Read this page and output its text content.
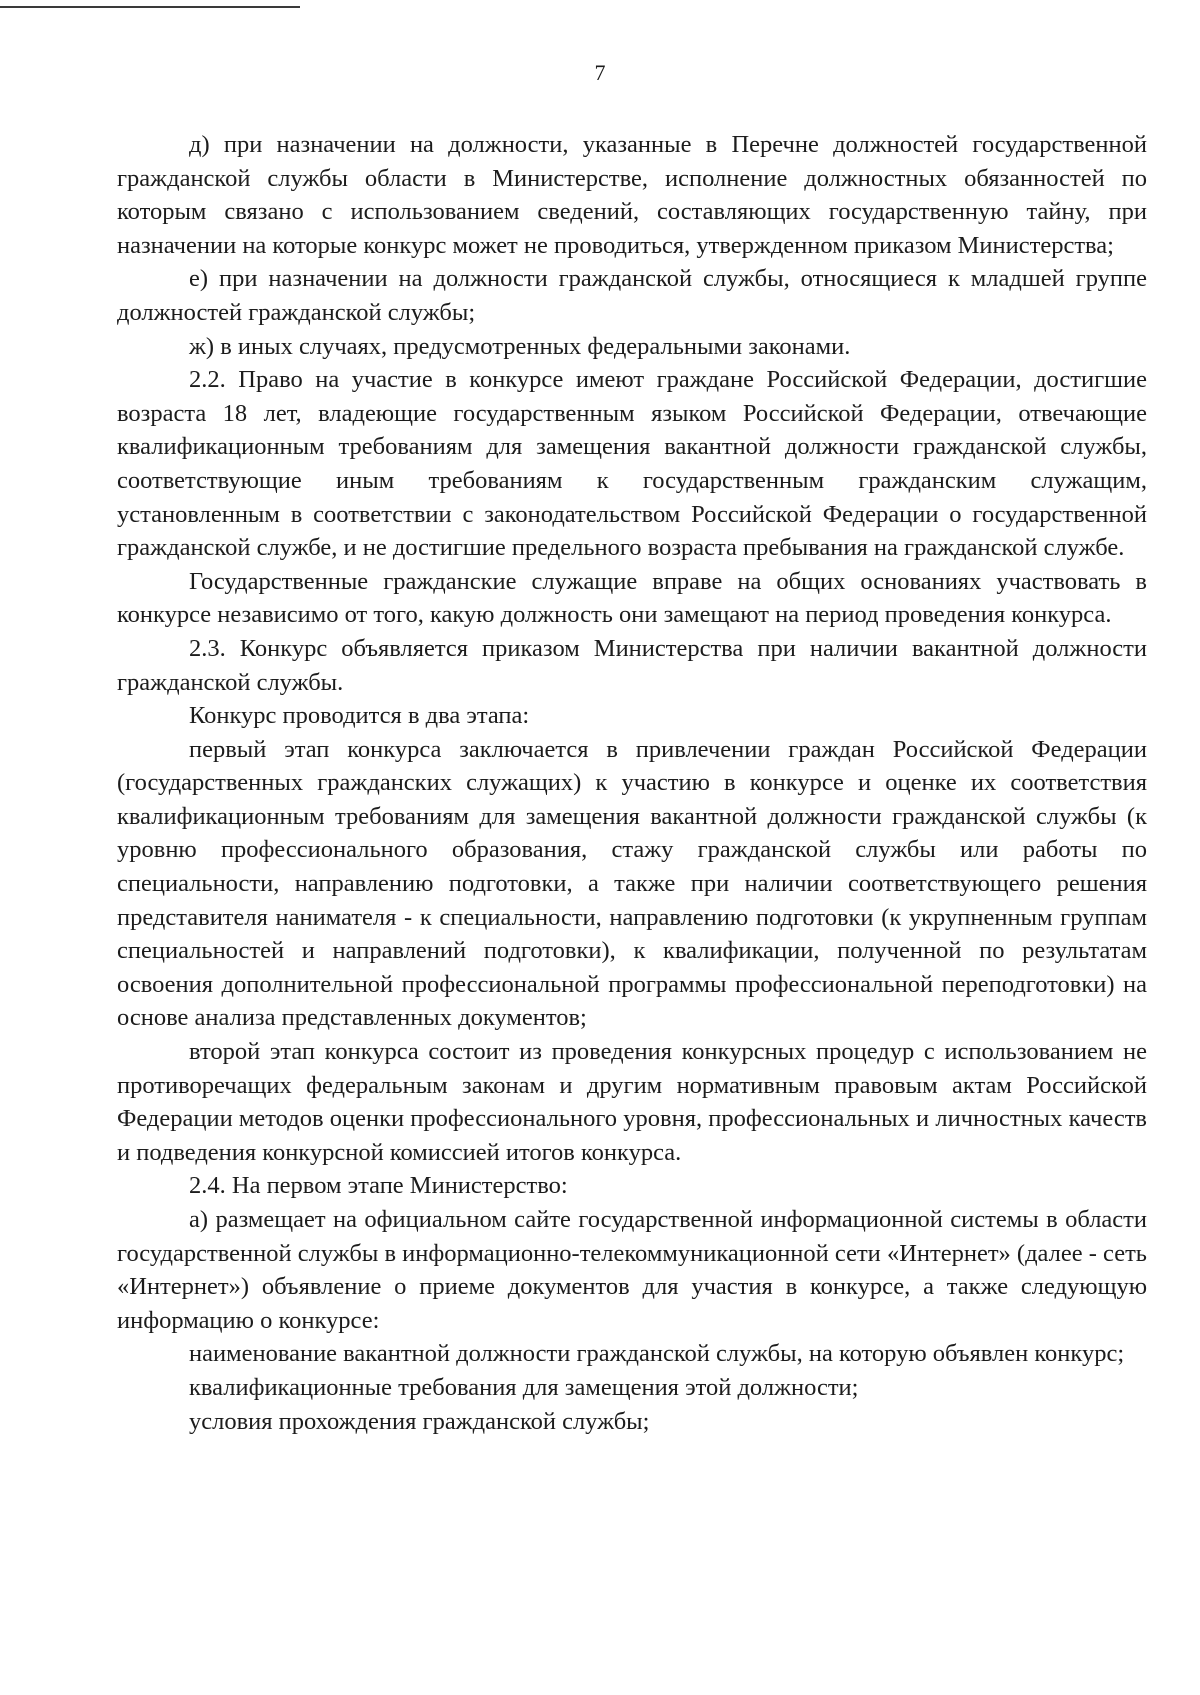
7

д) при назначении на должности, указанные в Перечне должностей государственной гражданской службы области в Министерстве, исполнение должностных обязанностей по которым связано с использованием сведений, составляющих государственную тайну, при назначении на которые конкурс может не проводиться, утвержденном приказом Министерства;

е) при назначении на должности гражданской службы, относящиеся к младшей группе должностей гражданской службы;

ж) в иных случаях, предусмотренных федеральными законами.

2.2. Право на участие в конкурсе имеют граждане Российской Федерации, достигшие возраста 18 лет, владеющие государственным языком Российской Федерации, отвечающие квалификационным требованиям для замещения вакантной должности гражданской службы, соответствующие иным требованиям к государственным гражданским служащим, установленным в соответствии с законодательством Российской Федерации о государственной гражданской службе, и не достигшие предельного возраста пребывания на гражданской службе.

Государственные гражданские служащие вправе на общих основаниях участвовать в конкурсе независимо от того, какую должность они замещают на период проведения конкурса.

2.3. Конкурс объявляется приказом Министерства при наличии вакантной должности гражданской службы.

Конкурс проводится в два этапа:

первый этап конкурса заключается в привлечении граждан Российской Федерации (государственных гражданских служащих) к участию в конкурсе и оценке их соответствия квалификационным требованиям для замещения вакантной должности гражданской службы (к уровню профессионального образования, стажу гражданской службы или работы по специальности, направлению подготовки, а также при наличии соответствующего решения представителя нанимателя - к специальности, направлению подготовки (к укрупненным группам специальностей и направлений подготовки), к квалификации, полученной по результатам освоения дополнительной профессиональной программы профессиональной переподготовки) на основе анализа представленных документов;

второй этап конкурса состоит из проведения конкурсных процедур с использованием не противоречащих федеральным законам и другим нормативным правовым актам Российской Федерации методов оценки профессионального уровня, профессиональных и личностных качеств и подведения конкурсной комиссией итогов конкурса.

2.4. На первом этапе Министерство:

а) размещает на официальном сайте государственной информационной системы в области государственной службы в информационно-телекоммуникационной сети «Интернет» (далее - сеть «Интернет») объявление о приеме документов для участия в конкурсе, а также следующую информацию о конкурсе:

наименование вакантной должности гражданской службы, на которую объявлен конкурс;

квалификационные требования для замещения этой должности;

условия прохождения гражданской службы;
